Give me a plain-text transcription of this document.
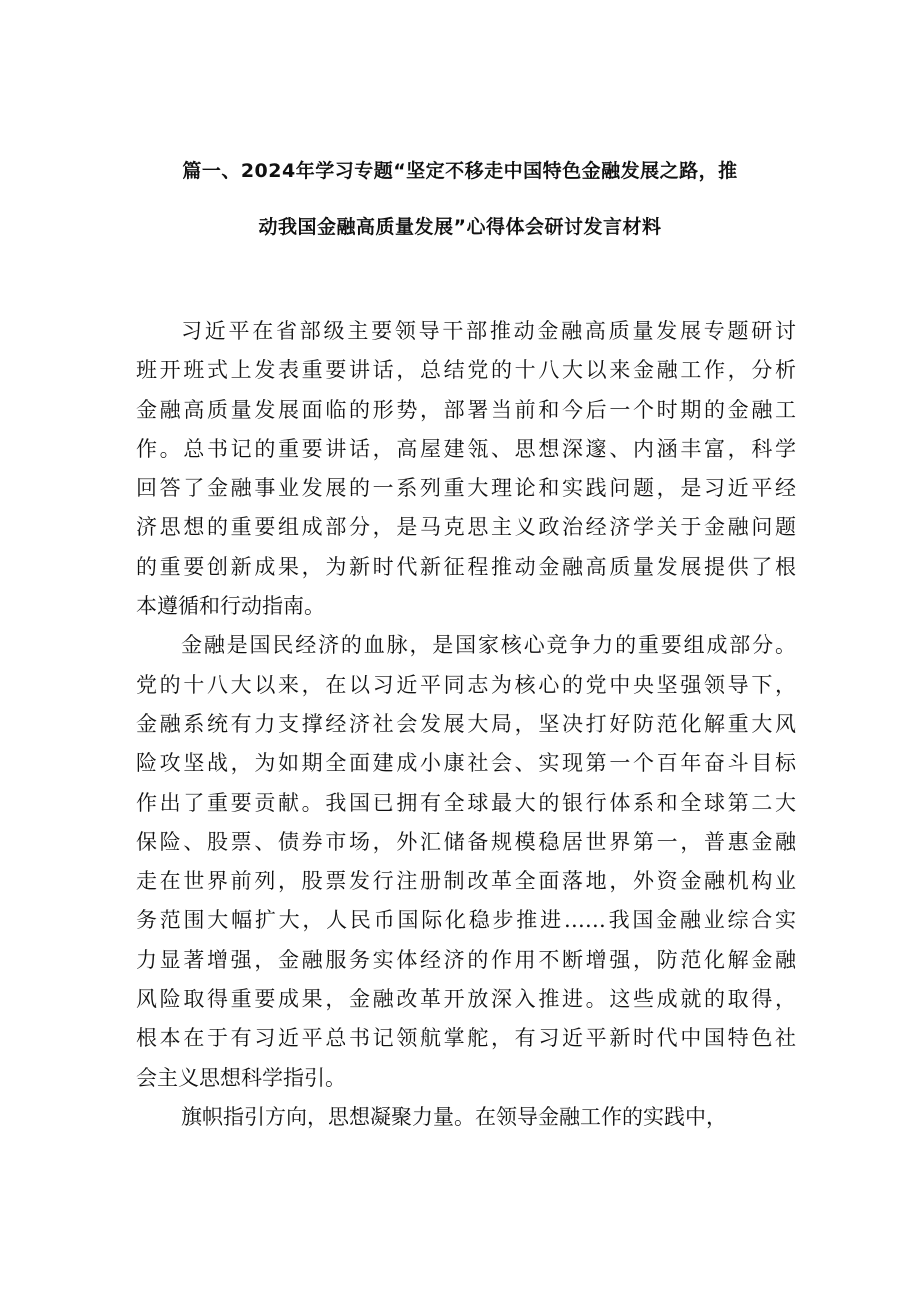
篇一、2024年学习专题“坚定不移走中国特色金融发展之路，推
动我国金融高质量发展”心得体会研讨发言材料
习近平在省部级主要领导干部推动金融高质量发展专题研讨
班开班式上发表重要讲话，总结党的十八大以来金融工作，分析
金融高质量发展面临的形势，部署当前和今后一个时期的金融工
作。总书记的重要讲话，高屋建瓴、思想深邃、内涵丰富，科学
回答了金融事业发展的一系列重大理论和实践问题，是习近平经
济思想的重要组成部分，是马克思主义政治经济学关于金融问题
的重要创新成果，为新时代新征程推动金融高质量发展提供了根
本遵循和行动指南。
金融是国民经济的血脉，是国家核心竞争力的重要组成部分。
党的十八大以来，在以习近平同志为核心的党中央坚强领导下，
金融系统有力支撑经济社会发展大局，坚决打好防范化解重大风
险攻坚战，为如期全面建成小康社会、实现第一个百年奋斗目标
作出了重要贡献。我国已拥有全球最大的银行体系和全球第二大
保险、股票、债券市场，外汇储备规模稳居世界第一，普惠金融
走在世界前列，股票发行注册制改革全面落地，外资金融机构业
务范围大幅扩大，人民币国际化稳步推进……我国金融业综合实
力显著增强，金融服务实体经济的作用不断增强，防范化解金融
风险取得重要成果，金融改革开放深入推进。这些成就的取得，
根本在于有习近平总书记领航掌舵，有习近平新时代中国特色社
会主义思想科学指引。
旗帜指引方向，思想凝聚力量。在领导金融工作的实践中，
